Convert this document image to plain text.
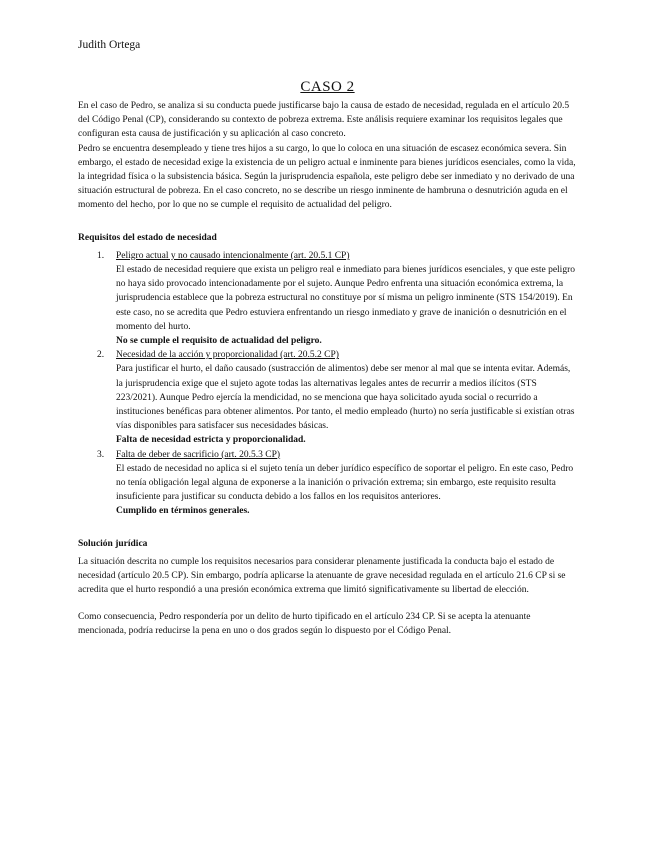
Judith Ortega
CASO 2

En el caso de Pedro, se analiza si su conducta puede justificarse bajo la causa de estado de necesidad, regulada en el artículo 20.5 del Código Penal (CP), considerando su contexto de pobreza extrema. Este análisis requiere examinar los requisitos legales que configuran esta causa de justificación y su aplicación al caso concreto.

Pedro se encuentra desempleado y tiene tres hijos a su cargo, lo que lo coloca en una situación de escasez económica severa. Sin embargo, el estado de necesidad exige la existencia de un peligro actual e inminente para bienes jurídicos esenciales, como la vida, la integridad física o la subsistencia básica. Según la jurisprudencia española, este peligro debe ser inmediato y no derivado de una situación estructural de pobreza. En el caso concreto, no se describe un riesgo inminente de hambruna o desnutrición aguda en el momento del hecho, por lo que no se cumple el requisito de actualidad del peligro.

Requisitos del estado de necesidad

1. Peligro actual y no causado intencionalmente (art. 20.5.1 CP)
El estado de necesidad requiere que exista un peligro real e inmediato para bienes jurídicos esenciales, y que este peligro no haya sido provocado intencionadamente por el sujeto. Aunque Pedro enfrenta una situación económica extrema, la jurisprudencia establece que la pobreza estructural no constituye por sí misma un peligro inminente (STS 154/2019). En este caso, no se acredita que Pedro estuviera enfrentando un riesgo inmediato y grave de inanición o desnutrición en el momento del hurto.
No se cumple el requisito de actualidad del peligro.
2. Necesidad de la acción y proporcionalidad (art. 20.5.2 CP)
Para justificar el hurto, el daño causado (sustracción de alimentos) debe ser menor al mal que se intenta evitar. Además, la jurisprudencia exige que el sujeto agote todas las alternativas legales antes de recurrir a medios ilícitos (STS 223/2021). Aunque Pedro ejercía la mendicidad, no se menciona que haya solicitado ayuda social o recurrido a instituciones benéficas para obtener alimentos. Por tanto, el medio empleado (hurto) no sería justificable si existían otras vías disponibles para satisfacer sus necesidades básicas.
Falta de necesidad estricta y proporcionalidad.
3. Falta de deber de sacrificio (art. 20.5.3 CP)
El estado de necesidad no aplica si el sujeto tenía un deber jurídico específico de soportar el peligro. En este caso, Pedro no tenía obligación legal alguna de exponerse a la inanición o privación extrema; sin embargo, este requisito resulta insuficiente para justificar su conducta debido a los fallos en los requisitos anteriores.
Cumplido en términos generales.

Solución jurídica

La situación descrita no cumple los requisitos necesarios para considerar plenamente justificada la conducta bajo el estado de necesidad (artículo 20.5 CP). Sin embargo, podría aplicarse la atenuante de grave necesidad regulada en el artículo 21.6 CP si se acredita que el hurto respondió a una presión económica extrema que limitó significativamente su libertad de elección.

Como consecuencia, Pedro respondería por un delito de hurto tipificado en el artículo 234 CP. Si se acepta la atenuante mencionada, podría reducirse la pena en uno o dos grados según lo dispuesto por el Código Penal.
